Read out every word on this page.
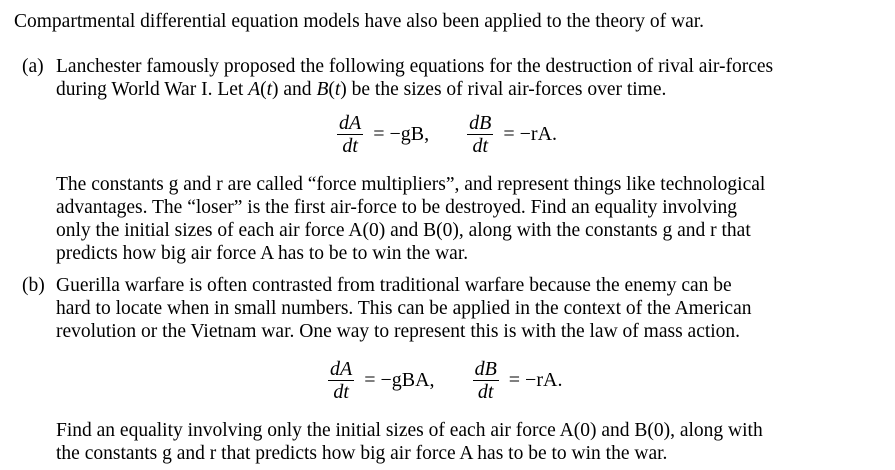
Compartmental differential equation models have also been applied to the theory of war.
(a) Lanchester famously proposed the following equations for the destruction of rival air-forces
during World War I. Let A(t) and B(t) be the sizes of rival air-forces over time.
$\frac{dA}{dt} = -gB$, $\frac{dB}{dt} = -rA$.
The constants g and r are called “force multipliers”, and represent things like technological
advantages. The “loser” is the first air-force to be destroyed. Find an equality involving
only the initial sizes of each air force A(0) and B(0), along with the constants g and r that
predicts how big air force A has to be to win the war.
(b) Guerilla warfare is often contrasted from traditional warfare because the enemy can be
hard to locate when in small numbers. This can be applied in the context of the American
revolution or the Vietnam war. One way to represent this is with the law of mass action.
$\frac{dA}{dt} = -gBA$, $\frac{dB}{dt} = -rA$.
Find an equality involving only the initial sizes of each air force A(0) and B(0), along with
the constants g and r that predicts how big air force A has to be to win the war.
